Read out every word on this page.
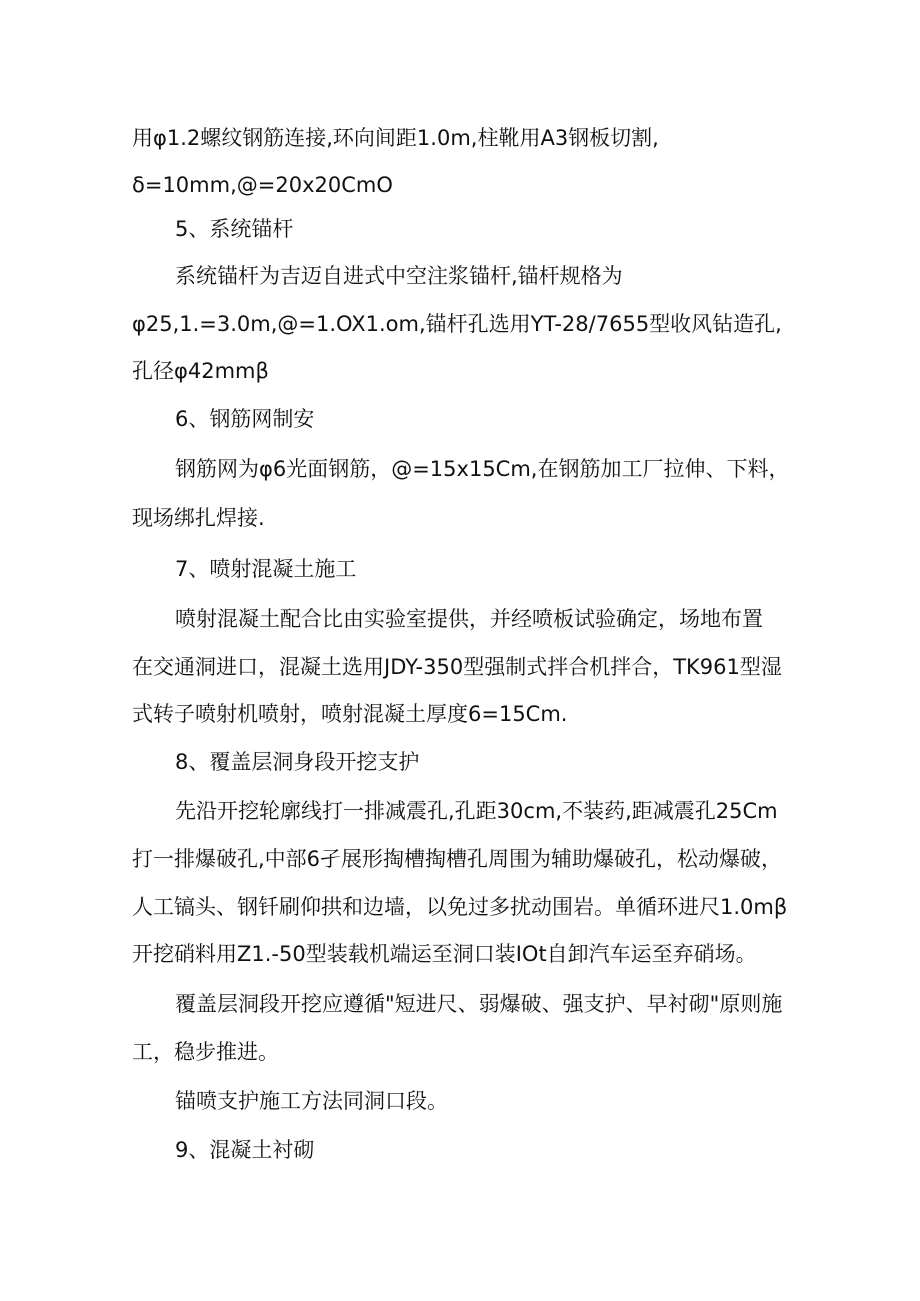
用φ1.2螺纹钢筋连接,环向间距1.0m,柱靴用A3钢板切割,
δ=10mm,@=20x20CmO
5、系统锚杆
系统锚杆为吉迈自进式中空注浆锚杆,锚杆规格为
φ25,1.=3.0m,@=1.OX1.om,锚杆孔选用YT-28/7655型收风钻造孔,
孔径φ42mmβ
6、钢筋网制安
钢筋网为φ6光面钢筋，@=15x15Cm,在钢筋加工厂拉伸、下料，
现场绑扎焊接.
7、喷射混凝土施工
喷射混凝土配合比由实验室提供，并经喷板试验确定，场地布置
在交通洞进口，混凝土选用JDY-350型强制式拌合机拌合，TK961型湿
式转子喷射机喷射，喷射混凝土厚度6=15Cm.
8、覆盖层洞身段开挖支护
先沿开挖轮廓线打一排减震孔,孔距30cm,不装药,距减震孔25Cm
打一排爆破孔,中部6孑展形掏槽掏槽孔周围为辅助爆破孔，松动爆破，
人工镐头、钢钎刷仰拱和边墙，以免过多扰动围岩。单循环进尺1.0mβ
开挖硝料用Z1.-50型装载机端运至洞口装IOt自卸汽车运至弃硝场。
覆盖层洞段开挖应遵循"短进尺、弱爆破、强支护、早衬砌"原则施
工，稳步推进。
锚喷支护施工方法同洞口段。
9、混凝土衬砌
